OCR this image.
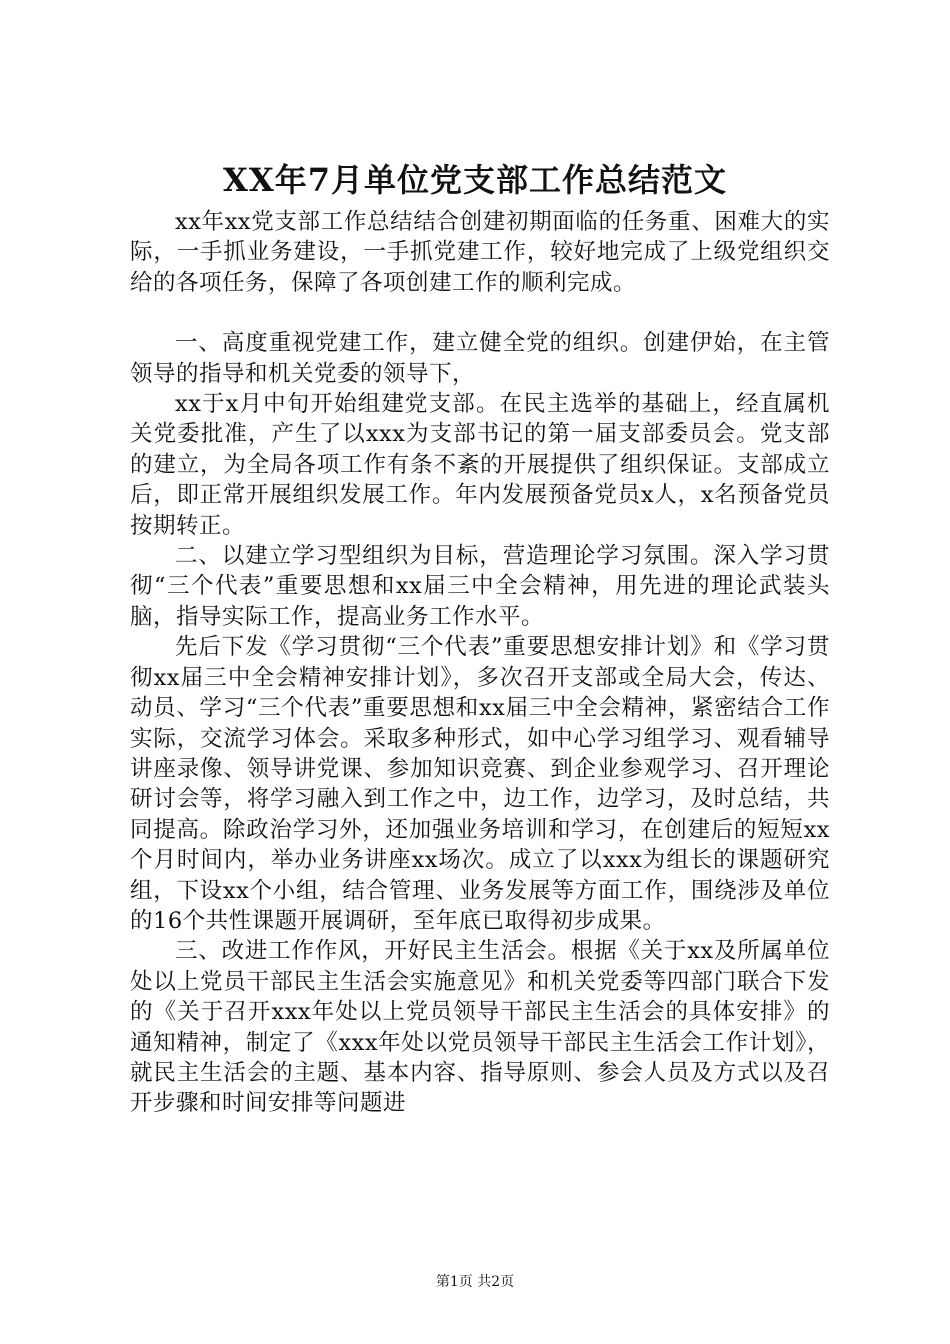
XX年7月单位党支部工作总结范文

xx年xx党支部工作总结结合创建初期面临的任务重、困难大的实际，一手抓业务建设，一手抓党建工作，较好地完成了上级党组织交给的各项任务，保障了各项创建工作的顺利完成。

一、高度重视党建工作，建立健全党的组织。创建伊始，在主管领导的指导和机关党委的领导下，

xx于x月中旬开始组建党支部。在民主选举的基础上，经直属机关党委批准，产生了以xxx为支部书记的第一届支部委员会。党支部的建立，为全局各项工作有条不紊的开展提供了组织保证。支部成立后，即正常开展组织发展工作。年内发展预备党员x人，x名预备党员按期转正。

二、以建立学习型组织为目标，营造理论学习氛围。深入学习贯彻“三个代表”重要思想和xx届三中全会精神，用先进的理论武装头脑，指导实际工作，提高业务工作水平。

先后下发《学习贯彻“三个代表”重要思想安排计划》和《学习贯彻xx届三中全会精神安排计划》，多次召开支部或全局大会，传达、动员、学习“三个代表”重要思想和xx届三中全会精神，紧密结合工作实际，交流学习体会。采取多种形式，如中心学习组学习、观看辅导讲座录像、领导讲党课、参加知识竞赛、到企业参观学习、召开理论研讨会等，将学习融入到工作之中，边工作，边学习，及时总结，共同提高。除政治学习外，还加强业务培训和学习，在创建后的短短xx个月时间内，举办业务讲座xx场次。成立了以xxx为组长的课题研究组，下设xx个小组，结合管理、业务发展等方面工作，围绕涉及单位的16个共性课题开展调研，至年底已取得初步成果。

三、改进工作作风，开好民主生活会。根据《关于xx及所属单位处以上党员干部民主生活会实施意见》和机关党委等四部门联合下发的《关于召开xxx年处以上党员领导干部民主生活会的具体安排》的通知精神，制定了《xxx年处以党员领导干部民主生活会工作计划》，就民主生活会的主题、基本内容、指导原则、参会人员及方式以及召开步骤和时间安排等问题进

第1页 共2页
